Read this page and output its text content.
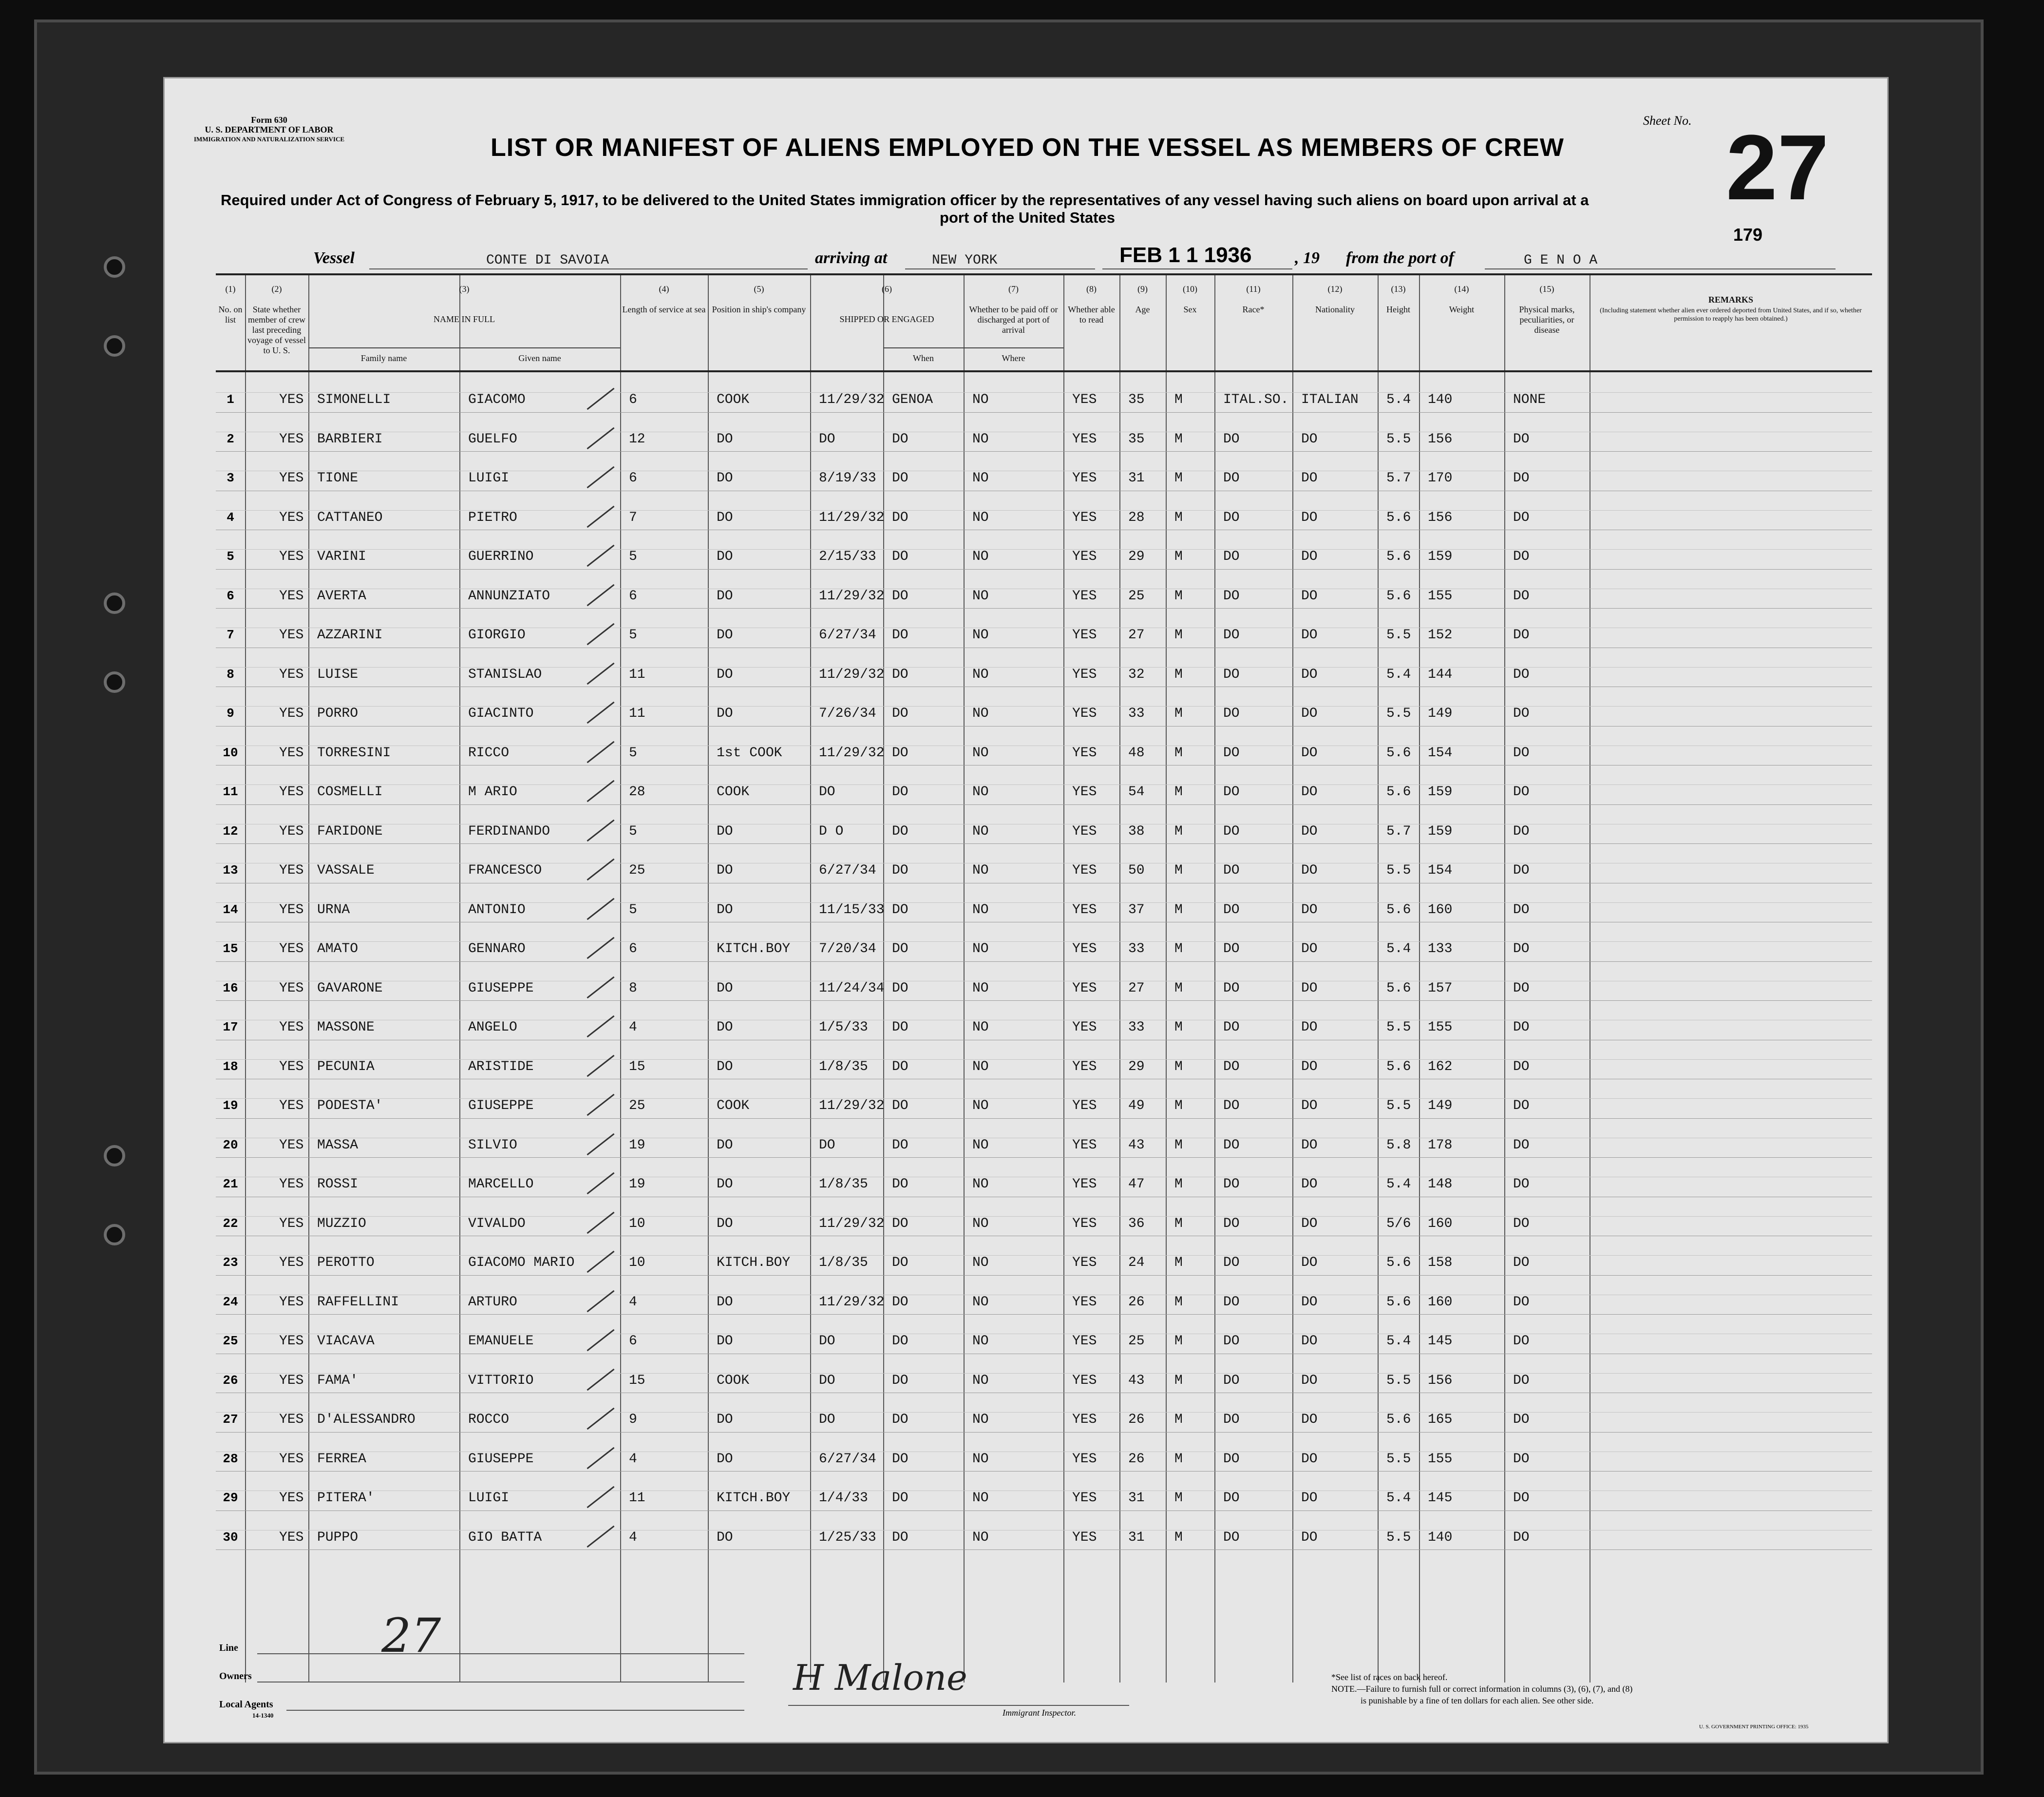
Form 630
U. S. DEPARTMENT OF LABOR
IMMIGRATION AND NATURALIZATION SERVICE
Sheet No. 27
179
LIST OR MANIFEST OF ALIENS EMPLOYED ON THE VESSEL AS MEMBERS OF CREW
Required under Act of Congress of February 5, 1917, to be delivered to the United States immigration officer by the representatives of any vessel having such aliens on board upon arrival at a
port of the United States
Vessel	CONTE DI SAVOIA	arriving at	NEW YORK	FEB 1 1 1936	, 19 from the port of	G E N O A
(1)
No. on list
(2)
State whether member of crew last preceding voyage of vessel to U. S.
(3)
NAME IN FULL
(4)
Length of service at sea
(5)
Position in ship's company
(6)
SHIPPED OR ENGAGED
(7)
Whether to be paid off or discharged at port of arrival
(8)
Whether able to read
(9)
Age
(10)
Sex
(11)
Race*
(12)
Nationality
(13)
Height
(14)
Weight
(15)
Physical marks, peculiarities, or disease
REMARKS
(Including statement whether alien ever ordered deported from United States, and if so, whether permission to reapply has been obtained.)
Family name	Given name	When	Where
1	YES SIMONELLI	GIACOMO	6	COOK	11/29/32 GENOA	NO	YES 35 M	ITAL.SO. ITALIAN 5.4 140	NONE
2	YES BARBIERI	GUELFO	12	DO	DO	DO	NO	YES 35 M	DO	DO	5.5 156	DO
3	YES TIONE	LUIGI	6	DO	8/19/33 DO	NO	YES 31 M	DO	DO	5.7 170	DO
4	YES CATTANEO	PIETRO	7	DO	11/29/32 DO	NO	YES 28 M	DO	DO	5.6 156	DO
5	YES VARINI	GUERRINO	5	DO	2/15/33 DO	NO	YES 29 M	DO	DO	5.6 159	DO
6	YES AVERTA	ANNUNZIATO	6	DO	11/29/32 DO	NO	YES 25 M	DO	DO	5.6 155	DO
7	YES AZZARINI	GIORGIO	5	DO	6/27/34 DO	NO	YES 27 M	DO	DO	5.5 152	DO
8	YES LUISE	STANISLAO	11	DO	11/29/32 DO	NO	YES 32 M	DO	DO	5.4 144	DO
9	YES PORRO	GIACINTO	11	DO	7/26/34 DO	NO	YES 33 M	DO	DO	5.5 149	DO
10	YES TORRESINI	RICCO	5	1st COOK	11/29/32 DO	NO	YES 48 M	DO	DO	5.6 154	DO
11	YES COSMELLI	M ARIO	28	COOK	DO	DO	NO	YES 54 M	DO	DO	5.6 159	DO
12	YES FARIDONE	FERDINANDO	5	DO	D O	DO	NO	YES 38 M	DO	DO	5.7 159	DO
13	YES VASSALE	FRANCESCO	25	DO	6/27/34 DO	NO	YES 50 M	DO	DO	5.5 154	DO
14	YES URNA	ANTONIO	5	DO	11/15/33 DO	NO	YES 37 M	DO	DO	5.6 160	DO
15	YES AMATO	GENNARO	6	KITCH.BOY 7/20/34 DO	NO	YES 33 M	DO	DO	5.4 133	DO
16	YES GAVARONE	GIUSEPPE	8	DO	11/24/34 DO	NO	YES 27 M	DO	DO	5.6 157	DO
17	YES MASSONE	ANGELO	4	DO	1/5/33 DO	NO	YES 33 M	DO	DO	5.5 155	DO
18	YES PECUNIA	ARISTIDE	15	DO	1/8/35 DO	NO	YES 29 M	DO	DO	5.6 162	DO
19	YES PODESTA'	GIUSEPPE	25	COOK	11/29/32 DO	NO	YES 49 M	DO	DO	5.5 149	DO
20	YES MASSA	SILVIO	19	DO	DO	DO	NO	YES 43 M	DO	DO	5.8 178	DO
21	YES ROSSI	MARCELLO	19	DO	1/8/35 DO	NO	YES 47 M	DO	DO	5.4 148	DO
22	YES MUZZIO	VIVALDO	10	DO	11/29/32 DO	NO	YES 36 M	DO	DO	5/6 160	DO
23	YES PEROTTO	GIACOMO MARIO	10	KITCH.BOY 1/8/35 DO	NO	YES 24 M	DO	DO	5.6 158	DO
24	YES RAFFELLINI	ARTURO	4	DO	11/29/32 DO	NO	YES 26 M	DO	DO	5.6 160	DO
25	YES VIACAVA	EMANUELE	6	DO	DO	DO	NO	YES 25 M	DO	DO	5.4 145	DO
26	YES FAMA'	VITTORIO	15	COOK	DO	DO	NO	YES 43 M	DO	DO	5.5 156	DO
27	YES D'ALESSANDRO	ROCCO	9	DO	DO	DO	NO	YES 26 M	DO	DO	5.6 165	DO
28	YES FERREA	GIUSEPPE	4	DO	6/27/34 DO	NO	YES 26 M	DO	DO	5.5 155	DO
29	YES PITERA'	LUIGI	11	KITCH.BOY 1/4/33 DO	NO	YES 31 M	DO	DO	5.4 145	DO
30	YES PUPPO	GIO BATTA	4	DO	1/25/33 DO	NO	YES 31 M	DO	DO	5.5 140	DO
Line
Owners
Local Agents
14-1340
27
H Malone
Immigrant Inspector.
*See list of races on back hereof.
NOTE.—Failure to furnish full or correct information in columns (3), (6), (7), and (8)
is punishable by a fine of ten dollars for each alien. See other side.
U. S. GOVERNMENT PRINTING OFFICE: 1935
